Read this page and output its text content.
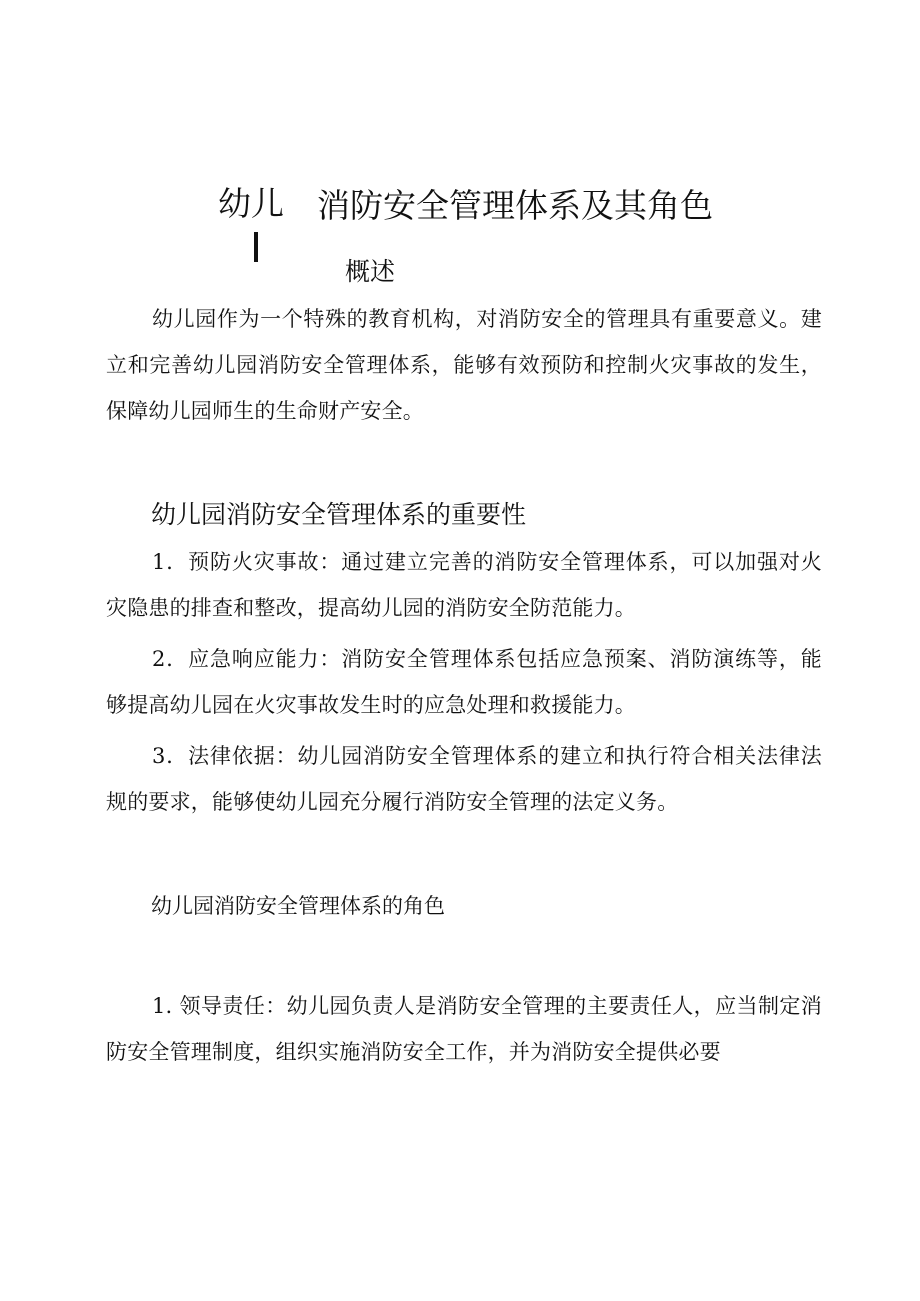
幼儿 消防安全管理体系及其角色
概述

幼儿园作为一个特殊的教育机构，对消防安全的管理具有重要意义。建立和完善幼儿园消防安全管理体系，能够有效预防和控制火灾事故的发生，保障幼儿园师生的生命财产安全。

幼儿园消防安全管理体系的重要性

1．预防火灾事故：通过建立完善的消防安全管理体系，可以加强对火灾隐患的排查和整改，提高幼儿园的消防安全防范能力。

2．应急响应能力：消防安全管理体系包括应急预案、消防演练等，能够提高幼儿园在火灾事故发生时的应急处理和救援能力。

3．法律依据：幼儿园消防安全管理体系的建立和执行符合相关法律法规的要求，能够使幼儿园充分履行消防安全管理的法定义务。

幼儿园消防安全管理体系的角色

1. 领导责任：幼儿园负责人是消防安全管理的主要责任人，应当制定消防安全管理制度，组织实施消防安全工作，并为消防安全提供必要
